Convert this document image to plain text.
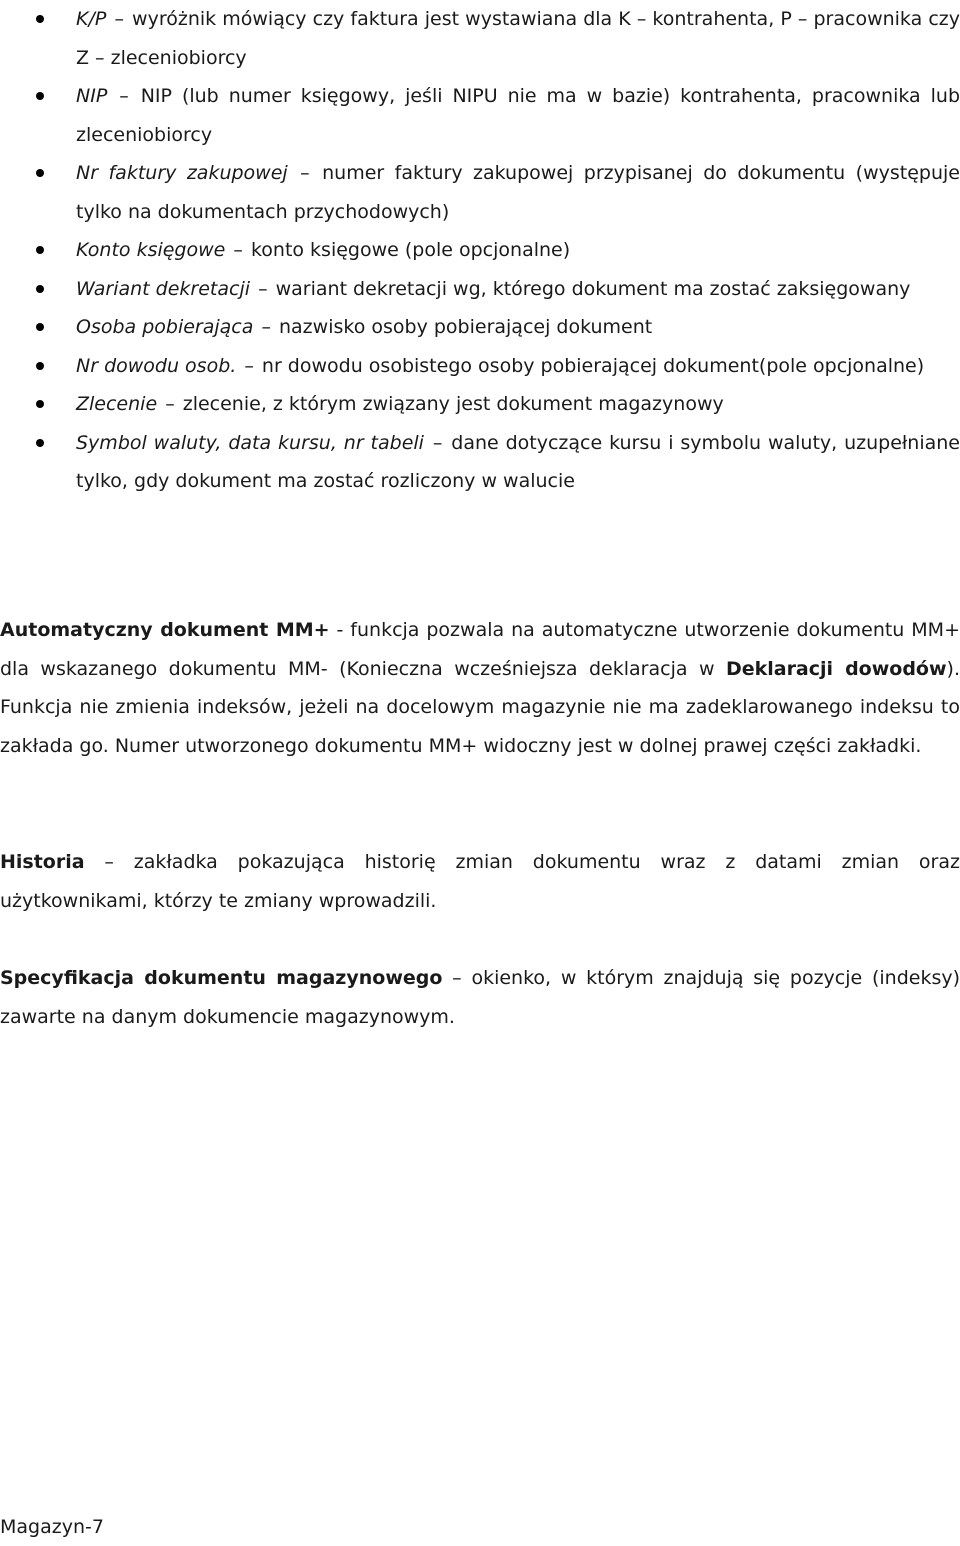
K/P – wyróżnik mówiący czy faktura jest wystawiana dla K – kontrahenta, P – pracownika czy Z – zleceniobiorcy
NIP – NIP (lub numer księgowy, jeśli NIPU nie ma w bazie) kontrahenta, pracownika lub zleceniobiorcy
Nr faktury zakupowej – numer faktury zakupowej przypisanej do dokumentu (występuje tylko na dokumentach przychodowych)
Konto księgowe – konto księgowe (pole opcjonalne)
Wariant dekretacji – wariant dekretacji wg, którego dokument ma zostać zaksięgowany
Osoba pobierająca – nazwisko osoby pobierającej dokument
Nr dowodu osob. – nr dowodu osobistego osoby pobierającej dokument(pole opcjonalne)
Zlecenie – zlecenie, z którym związany jest dokument magazynowy
Symbol waluty, data kursu, nr tabeli – dane dotyczące kursu i symbolu waluty, uzupełniane tylko, gdy dokument ma zostać rozliczony w walucie

Automatyczny dokument MM+ - funkcja pozwala na automatyczne utworzenie dokumentu MM+ dla wskazanego dokumentu MM- (Konieczna wcześniejsza deklaracja w Deklaracji dowodów). Funkcja nie zmienia indeksów, jeżeli na docelowym magazynie nie ma zadeklarowanego indeksu to zakłada go. Numer utworzonego dokumentu MM+ widoczny jest w dolnej prawej części zakładki.

Historia – zakładka pokazująca historię zmian dokumentu wraz z datami zmian oraz użytkownikami, którzy te zmiany wprowadzili.

Specyfikacja dokumentu magazynowego – okienko, w którym znajdują się pozycje (indeksy) zawarte na danym dokumencie magazynowym.

Magazyn-7
